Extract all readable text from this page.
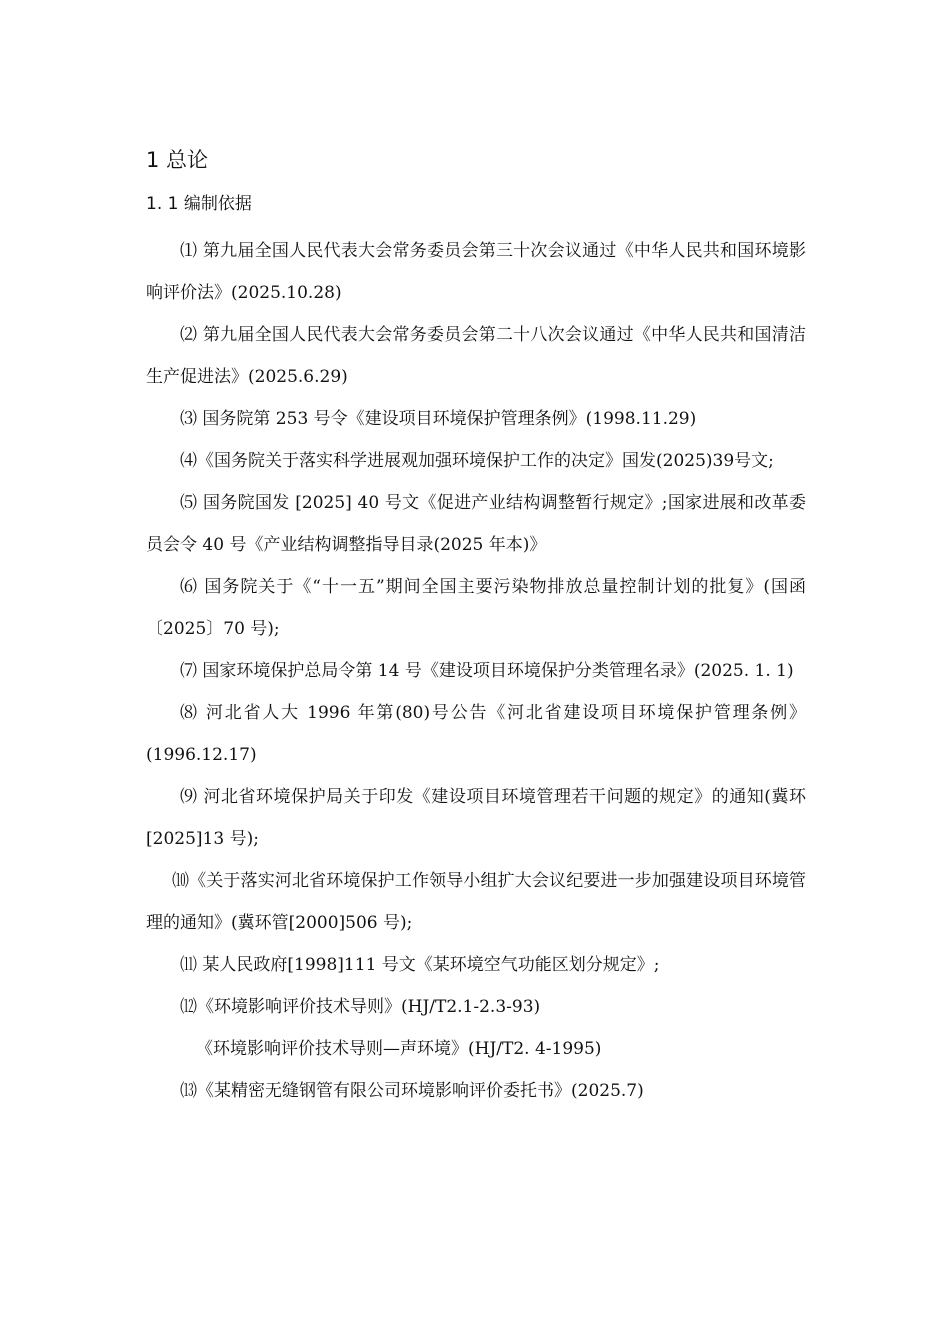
1 总论
1. 1 编制依据

⑴ 第九届全国人民代表大会常务委员会第三十次会议通过《中华人民共和国环境影响评价法》(2025.10.28)

⑵ 第九届全国人民代表大会常务委员会第二十八次会议通过《中华人民共和国清洁生产促进法》(2025.6.29)

⑶ 国务院第 253 号令《建设项目环境保护管理条例》(1998.11.29)

⑷《国务院关于落实科学进展观加强环境保护工作的决定》国发(2025)39号文;

⑸ 国务院国发 [2025] 40 号文《促进产业结构调整暂行规定》;国家进展和改革委员会令 40 号《产业结构调整指导目录(2025 年本)》

⑹ 国务院关于《“十一五”期间全国主要污染物排放总量控制计划的批复》(国函〔2025〕70 号);

⑺ 国家环境保护总局令第 14 号《建设项目环境保护分类管理名录》(2025. 1. 1)

⑻ 河北省人大 1996 年第(80)号公告《河北省建设项目环境保护管理条例》(1996.12.17)

⑼ 河北省环境保护局关于印发《建设项目环境管理若干问题的规定》的通知(冀环 [2025]13 号);

⑽《关于落实河北省环境保护工作领导小组扩大会议纪要进一步加强建设项目环境管理的通知》(冀环管[2000]506 号);

⑾ 某人民政府[1998]111 号文《某环境空气功能区划分规定》;

⑿《环境影响评价技术导则》(HJ/T2.1-2.3-93)

《环境影响评价技术导则—声环境》(HJ/T2. 4-1995)

⒀《某精密无缝钢管有限公司环境影响评价委托书》(2025.7)
